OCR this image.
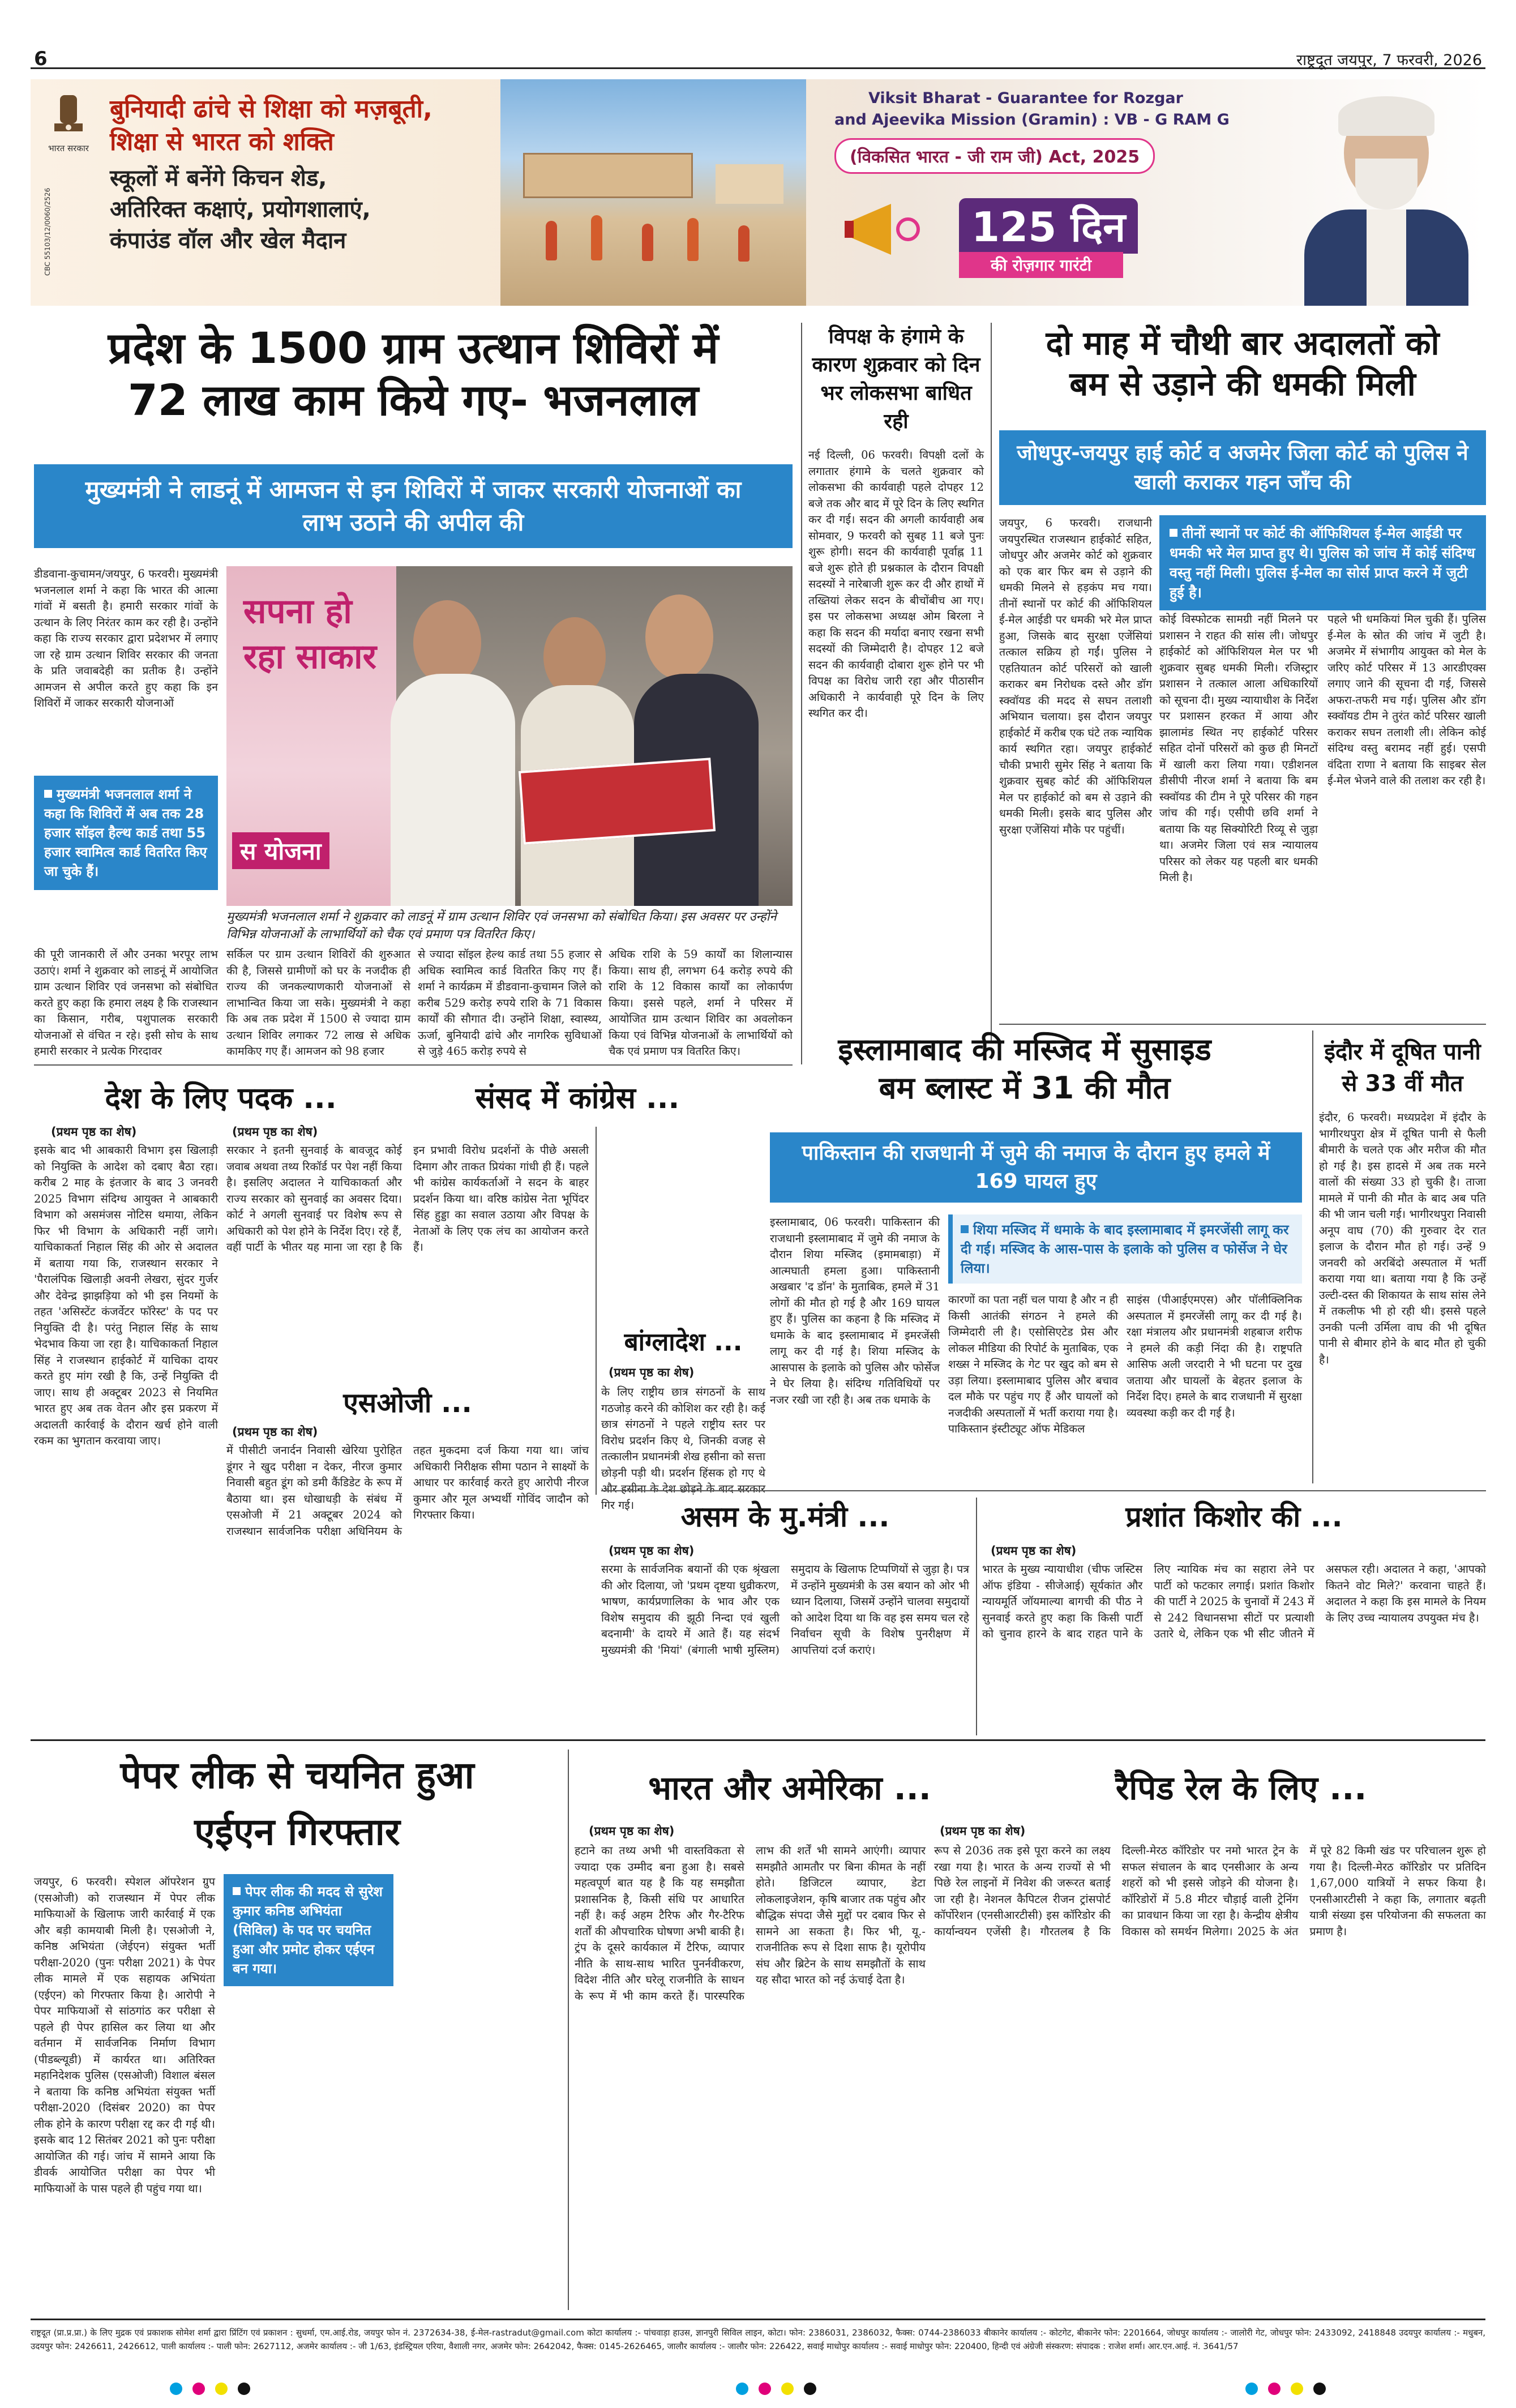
6	राष्ट्रदूत जयपुर, 7 फरवरी, 2026
भारत सरकार
CBC 55103/12/0060/2526
बुनियादी ढांचे से शिक्षा को मज़बूती,
शिक्षा से भारत को शक्ति
स्कूलों में बनेंगे किचन शेड,
अतिरिक्त कक्षाएं, प्रयोगशालाएं,
कंपाउंड वॉल और खेल मैदान
Viksit Bharat - Guarantee for Rozgar
and Ajeevika Mission (Gramin) : VB - G RAM G
(विकसित भारत - जी राम जी) Act, 2025
125 दिन
की रोज़गार गारंटी
प्रदेश के 1500 ग्राम उत्थान शिविरों में
72 लाख काम किये गए- भजनलाल
मुख्यमंत्री ने लाडनूं में आमजन से इन शिविरों में जाकर सरकारी योजनाओं का लाभ उठाने की अपील की
डीडवाना-कुचामन/जयपुर, 6 फरवरी। मुख्यमंत्री भजनलाल शर्मा ने कहा कि भारत की आत्मा गांवों में बसती है। हमारी सरकार गांवों के उत्थान के लिए निरंतर काम कर रही है। उन्होंने कहा कि राज्य सरकार द्वारा प्रदेशभर में लगाए जा रहे ग्राम उत्थान शिविर सरकार की जनता के प्रति जवाबदेही का प्रतीक है। उन्होंने आमजन से अपील करते हुए कहा कि इन शिविरों में जाकर सरकारी योजनाओं
मुख्यमंत्री भजनलाल शर्मा ने कहा कि शिविरों में अब तक 28 हजार सॉइल हैल्थ कार्ड तथा 55 हजार स्वामित्व कार्ड वितरित किए जा चुके हैं।
सपना हो रहा साकार
स योजना
मुख्यमंत्री भजनलाल शर्मा ने शुक्रवार को लाडनूं में ग्राम उत्थान शिविर एवं जनसभा को संबोधित किया। इस अवसर पर उन्होंने विभिन्न योजनाओं के लाभार्थियों को चैक एवं प्रमाण पत्र वितरित किए।
की पूरी जानकारी लें और उनका भरपूर लाभ उठाएं। शर्मा ने शुक्रवार को लाडनूं में आयोजित ग्राम उत्थान शिविर एवं जनसभा को संबोधित करते हुए कहा कि हमारा लक्ष्य है कि राजस्थान का किसान, गरीब, पशुपालक सरकारी योजनाओं से वंचित न रहे। इसी सोच के साथ हमारी सरकार ने प्रत्येक गिरदावर
सर्किल पर ग्राम उत्थान शिविरों की शुरुआत की है, जिससे ग्रामीणों को घर के नजदीक ही राज्य की जनकल्याणकारी योजनाओं से लाभान्वित किया जा सके। मुख्यमंत्री ने कहा कि अब तक प्रदेश में 1500 से ज्यादा ग्राम उत्थान शिविर लगाकर 72 लाख से अधिक कामकिए गए हैं। आमजन को 98 हजार
से ज्यादा सॉइल हेल्थ कार्ड तथा 55 हजार से अधिक स्वामित्व कार्ड वितरित किए गए हैं। शर्मा ने कार्यक्रम में डीडवाना-कुचामन जिले को करीब 529 करोड़ रुपये राशि के 71 विकास कार्यों की सौगात दी। उन्होंने शिक्षा, स्वास्थ्य, ऊर्जा, बुनियादी ढांचे और नागरिक सुविधाओं से जुड़े 465 करोड़ रुपये से
अधिक राशि के 59 कार्यों का शिलान्यास किया। साथ ही, लगभग 64 करोड़ रुपये की राशि के 12 विकास कार्यों का लोकार्पण किया। इससे पहले, शर्मा ने परिसर में आयोजित ग्राम उत्थान शिविर का अवलोकन किया एवं विभिन्न योजनाओं के लाभार्थियों को चैक एवं प्रमाण पत्र वितरित किए।
विपक्ष के हंगामे के कारण शुक्रवार को दिन भर लोकसभा बाधित रही
नई दिल्ली, 06 फरवरी। विपक्षी दलों के लगातार हंगामे के चलते शुक्रवार को लोकसभा की कार्यवाही पहले दोपहर 12 बजे तक और बाद में पूरे दिन के लिए स्थगित कर दी गई। सदन की अगली कार्यवाही अब सोमवार, 9 फरवरी को सुबह 11 बजे पुनः शुरू होगी। सदन की कार्यवाही पूर्वाह्न 11 बजे शुरू होते ही प्रश्नकाल के दौरान विपक्षी सदस्यों ने नारेबाजी शुरू कर दी और हाथों में तख्तियां लेकर सदन के बीचोंबीच आ गए। इस पर लोकसभा अध्यक्ष ओम बिरला ने कहा कि सदन की मर्यादा बनाए रखना सभी सदस्यों की जिम्मेदारी है। दोपहर 12 बजे सदन की कार्यवाही दोबारा शुरू होने पर भी विपक्ष का विरोध जारी रहा और पीठासीन अधिकारी ने कार्यवाही पूरे दिन के लिए स्थगित कर दी।
दो माह में चौथी बार अदालतों को
बम से उड़ाने की धमकी मिली
जोधपुर-जयपुर हाई कोर्ट व अजमेर जिला कोर्ट को पुलिस ने खाली कराकर गहन जाँच की
जयपुर, 6 फरवरी। राजधानी जयपुरस्थित राजस्थान हाईकोर्ट सहित, जोधपुर और अजमेर कोर्ट को शुक्रवार को एक बार फिर बम से उड़ाने की धमकी मिलने से हड़कंप मच गया। तीनों स्थानों पर कोर्ट की ऑफिशियल ई-मेल आईडी पर धमकी भरे मेल प्राप्त हुआ, जिसके बाद सुरक्षा एजेंसियां तत्काल सक्रिय हो गईं। पुलिस ने एहतियातन कोर्ट परिसरों को खाली कराकर बम निरोधक दस्ते और डॉग स्क्वॉयड की मदद से सघन तलाशी अभियान चलाया। इस दौरान जयपुर हाईकोर्ट में करीब एक घंटे तक न्यायिक कार्य स्थगित रहा। जयपुर हाईकोर्ट चौकी प्रभारी सुमेर सिंह ने बताया कि शुक्रवार सुबह कोर्ट की ऑफिशियल मेल पर हाईकोर्ट को बम से उड़ाने की धमकी मिली। इसके बाद पुलिस और सुरक्षा एजेंसियां मौके पर पहुंचीं।
तीनों स्थानों पर कोर्ट की ऑफिशियल ई-मेल आईडी पर धमकी भरे मेल प्राप्त हुए थे। पुलिस को जांच में कोई संदिग्ध वस्तु नहीं मिली। पुलिस ई-मेल का सोर्स प्राप्त करने में जुटी हुई है।
कोई विस्फोटक सामग्री नहीं मिलने पर प्रशासन ने राहत की सांस ली। जोधपुर हाईकोर्ट को ऑफिशियल मेल पर भी शुक्रवार सुबह धमकी मिली। रजिस्ट्रार प्रशासन ने तत्काल आला अधिकारियों को सूचना दी। मुख्य न्यायाधीश के निर्देश पर प्रशासन हरकत में आया और झालामंड स्थित नए हाईकोर्ट परिसर सहित दोनों परिसरों को कुछ ही मिनटों में खाली करा लिया गया। एडीशनल डीसीपी नीरज शर्मा ने बताया कि बम स्क्वॉयड की टीम ने पूरे परिसर की गहन जांच की गई। एसीपी छवि शर्मा ने बताया कि यह सिक्योरिटी रिव्यू से जुड़ा था। अजमेर जिला एवं सत्र न्यायालय परिसर को लेकर यह पहली बार धमकी मिली है।
पहले भी धमकियां मिल चुकी हैं। पुलिस ई-मेल के स्रोत की जांच में जुटी है। अजमेर में संभागीय आयुक्त को मेल के जरिए कोर्ट परिसर में 13 आरडीएक्स लगाए जाने की सूचना दी गई, जिससे अफरा-तफरी मच गई। पुलिस और डॉग स्क्वॉयड टीम ने तुरंत कोर्ट परिसर खाली कराकर सघन तलाशी ली। लेकिन कोई संदिग्ध वस्तु बरामद नहीं हुई। एसपी वंदिता राणा ने बताया कि साइबर सेल ई-मेल भेजने वाले की तलाश कर रही है।
इस्लामाबाद की मस्जिद में सुसाइड
बम ब्लास्ट में 31 की मौत
पाकिस्तान की राजधानी में जुमे की नमाज के दौरान हुए हमले में 169 घायल हुए
इस्लामाबाद, 06 फरवरी। पाकिस्तान की राजधानी इस्लामाबाद में जुमे की नमाज के दौरान शिया मस्जिद (इमामबाड़ा) में आत्मघाती हमला हुआ। पाकिस्तानी अखबार 'द डॉन' के मुताबिक, हमले में 31 लोगों की मौत हो गई है और 169 घायल हुए हैं। पुलिस का कहना है कि मस्जिद में धमाके के बाद इस्लामाबाद में इमरजेंसी लागू कर दी गई है। शिया मस्जिद के आसपास के इलाके को पुलिस और फोर्सेज ने घेर लिया है। संदिग्ध गतिविधियों पर नजर रखी जा रही है। अब तक धमाके के
शिया मस्जिद में धमाके के बाद इस्लामाबाद में इमरजेंसी लागू कर दी गई। मस्जिद के आस-पास के इलाके को पुलिस व फोर्सेज ने घेर लिया।
कारणों का पता नहीं चल पाया है और न ही किसी आतंकी संगठन ने हमले की जिम्मेदारी ली है। एसोसिएटेड प्रेस और लोकल मीडिया की रिपोर्ट के मुताबिक, एक शख्स ने मस्जिद के गेट पर खुद को बम से उड़ा लिया। इस्लामाबाद पुलिस और बचाव दल मौके पर पहुंच गए हैं और घायलों को नजदीकी अस्पतालों में भर्ती कराया गया है। पाकिस्तान इंस्टीट्यूट ऑफ मेडिकल
साइंस (पीआईएमएस) और पॉलीक्लिनिक अस्पताल में इमरजेंसी लागू कर दी गई है। रक्षा मंत्रालय और प्रधानमंत्री शहबाज शरीफ ने हमले की कड़ी निंदा की है। राष्ट्रपति आसिफ अली जरदारी ने भी घटना पर दुख जताया और घायलों के बेहतर इलाज के निर्देश दिए। हमले के बाद राजधानी में सुरक्षा व्यवस्था कड़ी कर दी गई है।
इंदौर में दूषित पानी से 33 वीं मौत
इंदौर, 6 फरवरी। मध्यप्रदेश में इंदौर के भागीरथपुरा क्षेत्र में दूषित पानी से फैली बीमारी के चलते एक और मरीज की मौत हो गई है। इस हादसे में अब तक मरने वालों की संख्या 33 हो चुकी है। ताजा मामले में पानी की मौत के बाद अब पति की भी जान चली गई। भागीरथपुरा निवासी अनूप वाघ (70) की गुरुवार देर रात इलाज के दौरान मौत हो गई। उन्हें 9 जनवरी को अरबिंदो अस्पताल में भर्ती कराया गया था। बताया गया है कि उन्हें उल्टी-दस्त की शिकायत के साथ सांस लेने में तकलीफ भी हो रही थी। इससे पहले उनकी पत्नी उर्मिला वाघ की भी दूषित पानी से बीमार होने के बाद मौत हो चुकी है।
देश के लिए पदक ...
(प्रथम पृष्ठ का शेष)
इसके बाद भी आबकारी विभाग इस खिलाड़ी को नियुक्ति के आदेश को दबाए बैठा रहा। करीब 2 माह के इंतजार के बाद 3 जनवरी 2025 विभाग संदिग्ध आयुक्त ने आबकारी विभाग को असमंजस नोटिस थमाया, लेकिन फिर भी विभाग के अधिकारी नहीं जागे। याचिकाकर्ता निहाल सिंह की ओर से अदालत में बताया गया कि, राजस्थान सरकार ने 'पैरालंपिक खिलाड़ी अवनी लेखरा, सुंदर गुर्जर और देवेन्द्र झाझड़िया को भी इस नियमों के तहत 'असिस्टेंट कंजर्वेटर फॉरेस्ट' के पद पर नियुक्ति दी है। परंतु निहाल सिंह के साथ भेदभाव किया जा रहा है। याचिकाकर्ता निहाल सिंह ने राजस्थान हाईकोर्ट में याचिका दायर करते हुए मांग रखी है कि, उन्हें नियुक्ति दी जाए। साथ ही अक्टूबर 2023 से नियमित भारत हुए अब तक वेतन और इस प्रकरण में अदालती कार्रवाई के दौरान खर्च होने वाली रकम का भुगतान करवाया जाए।
संसद में कांग्रेस ...
(प्रथम पृष्ठ का शेष)
सरकार ने इतनी सुनवाई के बावजूद कोई जवाब अथवा तथ्य रिकॉर्ड पर पेश नहीं किया है। इसलिए अदालत ने याचिकाकर्ता और राज्य सरकार को सुनवाई का अवसर दिया। कोर्ट ने अगली सुनवाई पर विशेष रूप से अधिकारी को पेश होने के निर्देश दिए। रहे हैं, वहीं पार्टी के भीतर यह माना जा रहा है कि इन प्रभावी विरोध प्रदर्शनों के पीछे असली दिमाग और ताकत प्रियंका गांधी ही हैं। पहले भी कांग्रेस कार्यकर्ताओं ने सदन के बाहर प्रदर्शन किया था। वरिष्ठ कांग्रेस नेता भूपिंदर सिंह हुड्डा का सवाल उठाया और विपक्ष के नेताओं के लिए एक लंच का आयोजन करते हैं।
बांग्लादेश ...
(प्रथम पृष्ठ का शेष)
के लिए राष्ट्रीय छात्र संगठनों के साथ गठजोड़ करने की कोशिश कर रही है। कई छात्र संगठनों ने पहले राष्ट्रीय स्तर पर विरोध प्रदर्शन किए थे, जिनकी वजह से तत्कालीन प्रधानमंत्री शेख हसीना को सत्ता छोड़नी पड़ी थी। प्रदर्शन हिंसक हो गए थे और हसीना के देश छोड़ने के बाद सरकार गिर गई।
एसओजी ...
(प्रथम पृष्ठ का शेष)
में पीसीटी जनार्दन निवासी खेरिया पुरोहित डूंगर ने खुद परीक्षा न देकर, नीरज कुमार निवासी बहुत डूंग को डमी कैंडिडेट के रूप में बैठाया था। इस धोखाधड़ी के संबंध में एसओजी में 21 अक्टूबर 2024 को राजस्थान सार्वजनिक परीक्षा अधिनियम के तहत मुकदमा दर्ज किया गया था। जांच अधिकारी निरीक्षक सीमा पठान ने साक्ष्यों के आधार पर कार्रवाई करते हुए आरोपी नीरज कुमार और मूल अभ्यर्थी गोविंद जादौन को गिरफ्तार किया।	असम के मु.मंत्री ...
(प्रथम पृष्ठ का शेष)
सरमा के सार्वजनिक बयानों की एक श्रृंखला की ओर दिलाया, जो 'प्रथम दृष्टया धुव्रीकरण, भाषण, कार्यप्रणालिका के भाव और एक विशेष समुदाय की झूठी निन्दा एवं खुली बदनामी' के दायरे में आते हैं। यह संदर्भ मुख्यमंत्री की 'मियां' (बंगाली भाषी मुस्लिम) समुदाय के खिलाफ टिप्पणियों से जुड़ा है। पत्र में उन्होंने मुख्यमंत्री के उस बयान को ओर भी ध्यान दिलाया, जिसमें उन्होंने चालवा समुदायों को आदेश दिया था कि वह इस समय चल रहे निर्वाचन सूची के विशेष पुनरीक्षण में आपत्तियां दर्ज कराएं।
प्रशांत किशोर की ...
(प्रथम पृष्ठ का शेष)
भारत के मुख्य न्यायाधीश (चीफ जस्टिस ऑफ इंडिया - सीजेआई) सूर्यकांत और न्यायमूर्ति जॉयमाल्या बागची की पीठ ने सुनवाई करते हुए कहा कि किसी पार्टी को चुनाव हारने के बाद राहत पाने के लिए न्यायिक मंच का सहारा लेने पर पार्टी को फटकार लगाई। प्रशांत किशोर की पार्टी ने 2025 के चुनावों में 243 में से 242 विधानसभा सीटों पर प्रत्याशी उतारे थे, लेकिन एक भी सीट जीतने में असफल रही। अदालत ने कहा, 'आपको कितने वोट मिले?' करवाना चाहते हैं। अदालत ने कहा कि इस मामले के नियम के लिए उच्च न्यायालय उपयुक्त मंच है।
पेपर लीक से चयनित हुआ
एईएन गिरफ्तार
पेपर लीक की मदद से सुरेश कुमार कनिष्ठ अभियंता (सिविल) के पद पर चयनित हुआ और प्रमोट होकर एईएन बन गया।
जयपुर, 6 फरवरी। स्पेशल ऑपरेशन ग्रुप (एसओजी) को राजस्थान में पेपर लीक माफियाओं के खिलाफ जारी कार्रवाई में एक और बड़ी कामयाबी मिली है। एसओजी ने, कनिष्ठ अभियंता (जेईएन) संयुक्त भर्ती परीक्षा-2020 (पुनः परीक्षा 2021) के पेपर लीक मामले में एक सहायक अभियंता (एईएन) को गिरफ्तार किया है। आरोपी ने पेपर माफियाओं से सांठगांठ कर परीक्षा से पहले ही पेपर हासिल कर लिया था और वर्तमान में सार्वजनिक निर्माण विभाग (पीडब्ल्यूडी) में कार्यरत था। अतिरिक्त महानिदेशक पुलिस (एसओजी) विशाल बंसल ने बताया कि कनिष्ठ अभियंता संयुक्त भर्ती परीक्षा-2020 (दिसंबर 2020) का पेपर लीक होने के कारण परीक्षा रद्द कर दी गई थी। इसके बाद 12 सितंबर 2021 को पुनः परीक्षा आयोजित की गई। जांच में सामने आया कि डीवर्क आयोजित परीक्षा का पेपर भी माफियाओं के पास पहले ही पहुंच गया था।
भारत और अमेरिका ...
(प्रथम पृष्ठ का शेष)
हटाने का तथ्य अभी भी वास्तविकता से ज्यादा एक उम्मीद बना हुआ है। सबसे महत्वपूर्ण बात यह है कि यह समझौता प्रशासनिक है, किसी संधि पर आधारित नहीं है। कई अहम टैरिफ और गैर-टैरिफ शर्तों की औपचारिक घोषणा अभी बाकी है। ट्रंप के दूसरे कार्यकाल में टैरिफ, व्यापार नीति के साथ-साथ भारित पुनर्नवीकरण, विदेश नीति और घरेलू राजनीति के साधन के रूप में भी काम करते हैं। पारस्परिक लाभ की शर्तें भी सामने आएंगी। व्यापार समझौते आमतौर पर बिना कीमत के नहीं होते। डिजिटल व्यापार, डेटा लोकलाइजेशन, कृषि बाजार तक पहुंच और बौद्धिक संपदा जैसे मुद्दों पर दबाव फिर से सामने आ सकता है। फिर भी, यू.-राजनीतिक रूप से दिशा साफ है। यूरोपीय संघ और ब्रिटेन के साथ समझौतों के साथ यह सौदा भारत को नई ऊंचाई देता है।
रैपिड रेल के लिए ...
(प्रथम पृष्ठ का शेष)
रूप से 2036 तक इसे पूरा करने का लक्ष्य रखा गया है। भारत के अन्य राज्यों से भी पिछे रेल लाइनों में निवेश की जरूरत बताई जा रही है। नेशनल कैपिटल रीजन ट्रांसपोर्ट कॉर्पोरेशन (एनसीआरटीसी) इस कॉरिडोर की कार्यान्वयन एजेंसी है। गौरतलब है कि दिल्ली-मेरठ कॉरिडोर पर नमो भारत ट्रेन के सफल संचालन के बाद एनसीआर के अन्य शहरों को भी इससे जोड़ने की योजना है। कॉरिडोरों में 5.8 मीटर चौड़ाई वाली ट्रेनिंग का प्रावधान किया जा रहा है। केन्द्रीय क्षेत्रीय विकास को समर्थन मिलेगा। 2025 के अंत में पूरे 82 किमी खंड पर परिचालन शुरू हो गया है। दिल्ली-मेरठ कॉरिडोर पर प्रतिदिन 1,67,000 यात्रियों ने सफर किया है। एनसीआरटीसी ने कहा कि, लगातार बढ़ती यात्री संख्या इस परियोजना की सफलता का प्रमाण है।
राष्ट्रदूत (प्रा.प्र.प्रा.) के लिए मुद्रक एवं प्रकाशक सोमेश शर्मा द्वारा प्रिंटिंग एवं प्रकाशन : सुधर्मा, एम.आई.रोड, जयपुर फोन नं. 2372634-38, ई-मेल-rastradut@gmail.com कोटा कार्यालय :- पांचवाड़ा हाउस, ज्ञानपुरी सिविल लाइन, कोटा। फोन: 2386031, 2386032, फैक्स: 0744-2386033 बीकानेर कार्यालय :- कोटगेट, बीकानेर फोन: 2201664, जोधपुर कार्यालय :- जालोरी गेट, जोधपुर फोन: 2433092, 2418848 उदयपुर कार्यालय :- मधुबन, उदयपुर फोन: 2426611, 2426612, पाली कार्यालय :- पाली फोन: 2627112, अजमेर कार्यालय :- जी 1/63, इंडस्ट्रियल एरिया, वैशाली नगर, अजमेर फोन: 2642042, फैक्स: 0145-2626465, जालौर कार्यालय :- जालौर फोन: 226422, सवाई माधोपुर कार्यालय :- सवाई माधोपुर फोन: 220400, हिन्दी एवं अंग्रेजी संस्करण: संपादक : राजेश शर्मा। आर.एन.आई. नं. 3641/57
